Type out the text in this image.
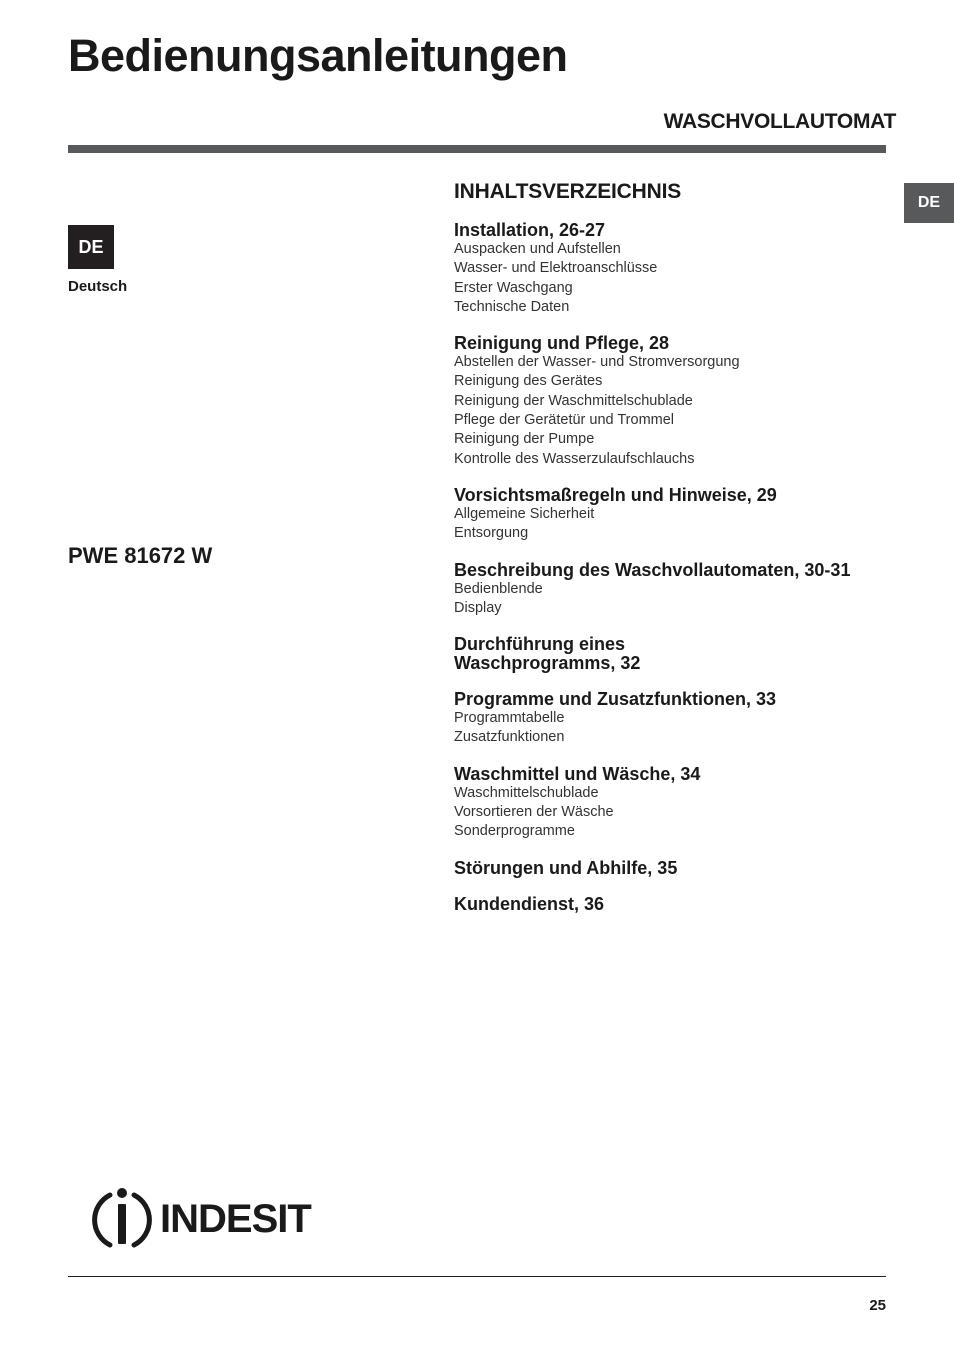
Bedienungsanleitungen
WASCHVOLLAUTOMAT
DE
DE
Deutsch
PWE 81672 W
INHALTSVERZEICHNIS
Installation, 26-27
Auspacken und Aufstellen
Wasser- und Elektroanschlüsse
Erster Waschgang
Technische Daten
Reinigung und Pflege, 28
Abstellen der Wasser- und Stromversorgung
Reinigung des Gerätes
Reinigung der Waschmittelschublade
Pflege der Gerätetür und Trommel
Reinigung der Pumpe
Kontrolle des Wasserzulaufschlauchs
Vorsichtsmaßregeln und Hinweise, 29
Allgemeine Sicherheit
Entsorgung
Beschreibung des Waschvollautomaten, 30-31
Bedienblende
Display
Durchführung eines
Waschprogramms, 32
Programme und Zusatzfunktionen, 33
Programmtabelle
Zusatzfunktionen
Waschmittel und Wäsche, 34
Waschmittelschublade
Vorsortieren der Wäsche
Sonderprogramme
Störungen und Abhilfe, 35
Kundendienst, 36
INDESIT
25
